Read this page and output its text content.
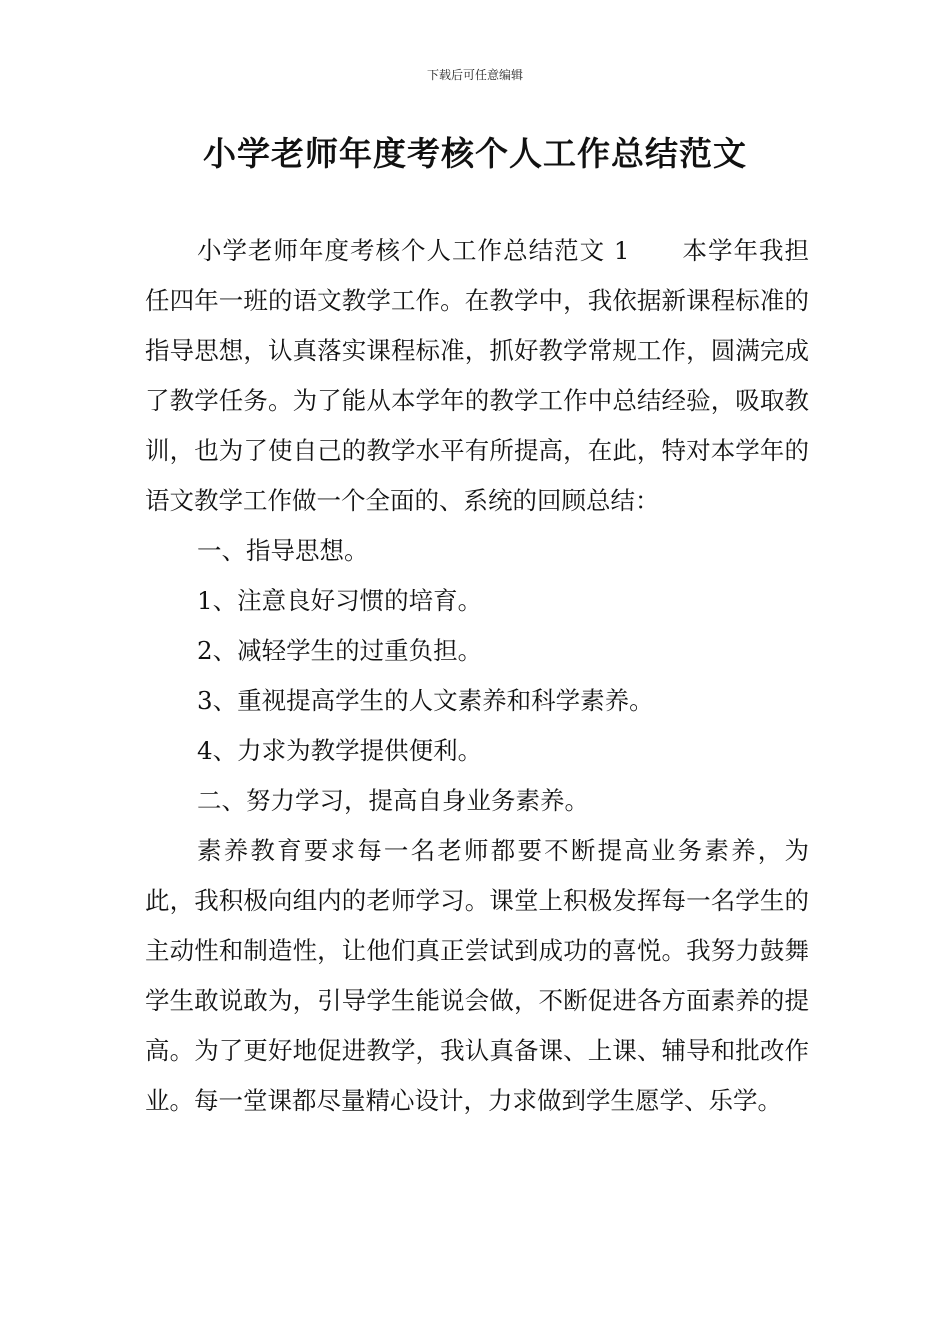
下载后可任意编辑
小学老师年度考核个人工作总结范文

小学老师年度考核个人工作总结范文 1 本学年我担任四年一班的语文教学工作。在教学中，我依据新课程标准的指导思想，认真落实课程标准，抓好教学常规工作，圆满完成了教学任务。为了能从本学年的教学工作中总结经验，吸取教训，也为了使自己的教学水平有所提高，在此，特对本学年的语文教学工作做一个全面的、系统的回顾总结：

一、指导思想。

1、注意良好习惯的培育。

2、减轻学生的过重负担。

3、重视提高学生的人文素养和科学素养。

4、力求为教学提供便利。

二、努力学习，提高自身业务素养。

素养教育要求每一名老师都要不断提高业务素养，为此，我积极向组内的老师学习。课堂上积极发挥每一名学生的主动性和制造性，让他们真正尝试到成功的喜悦。我努力鼓舞学生敢说敢为，引导学生能说会做，不断促进各方面素养的提高。为了更好地促进教学，我认真备课、上课、辅导和批改作业。每一堂课都尽量精心设计，力求做到学生愿学、乐学。
